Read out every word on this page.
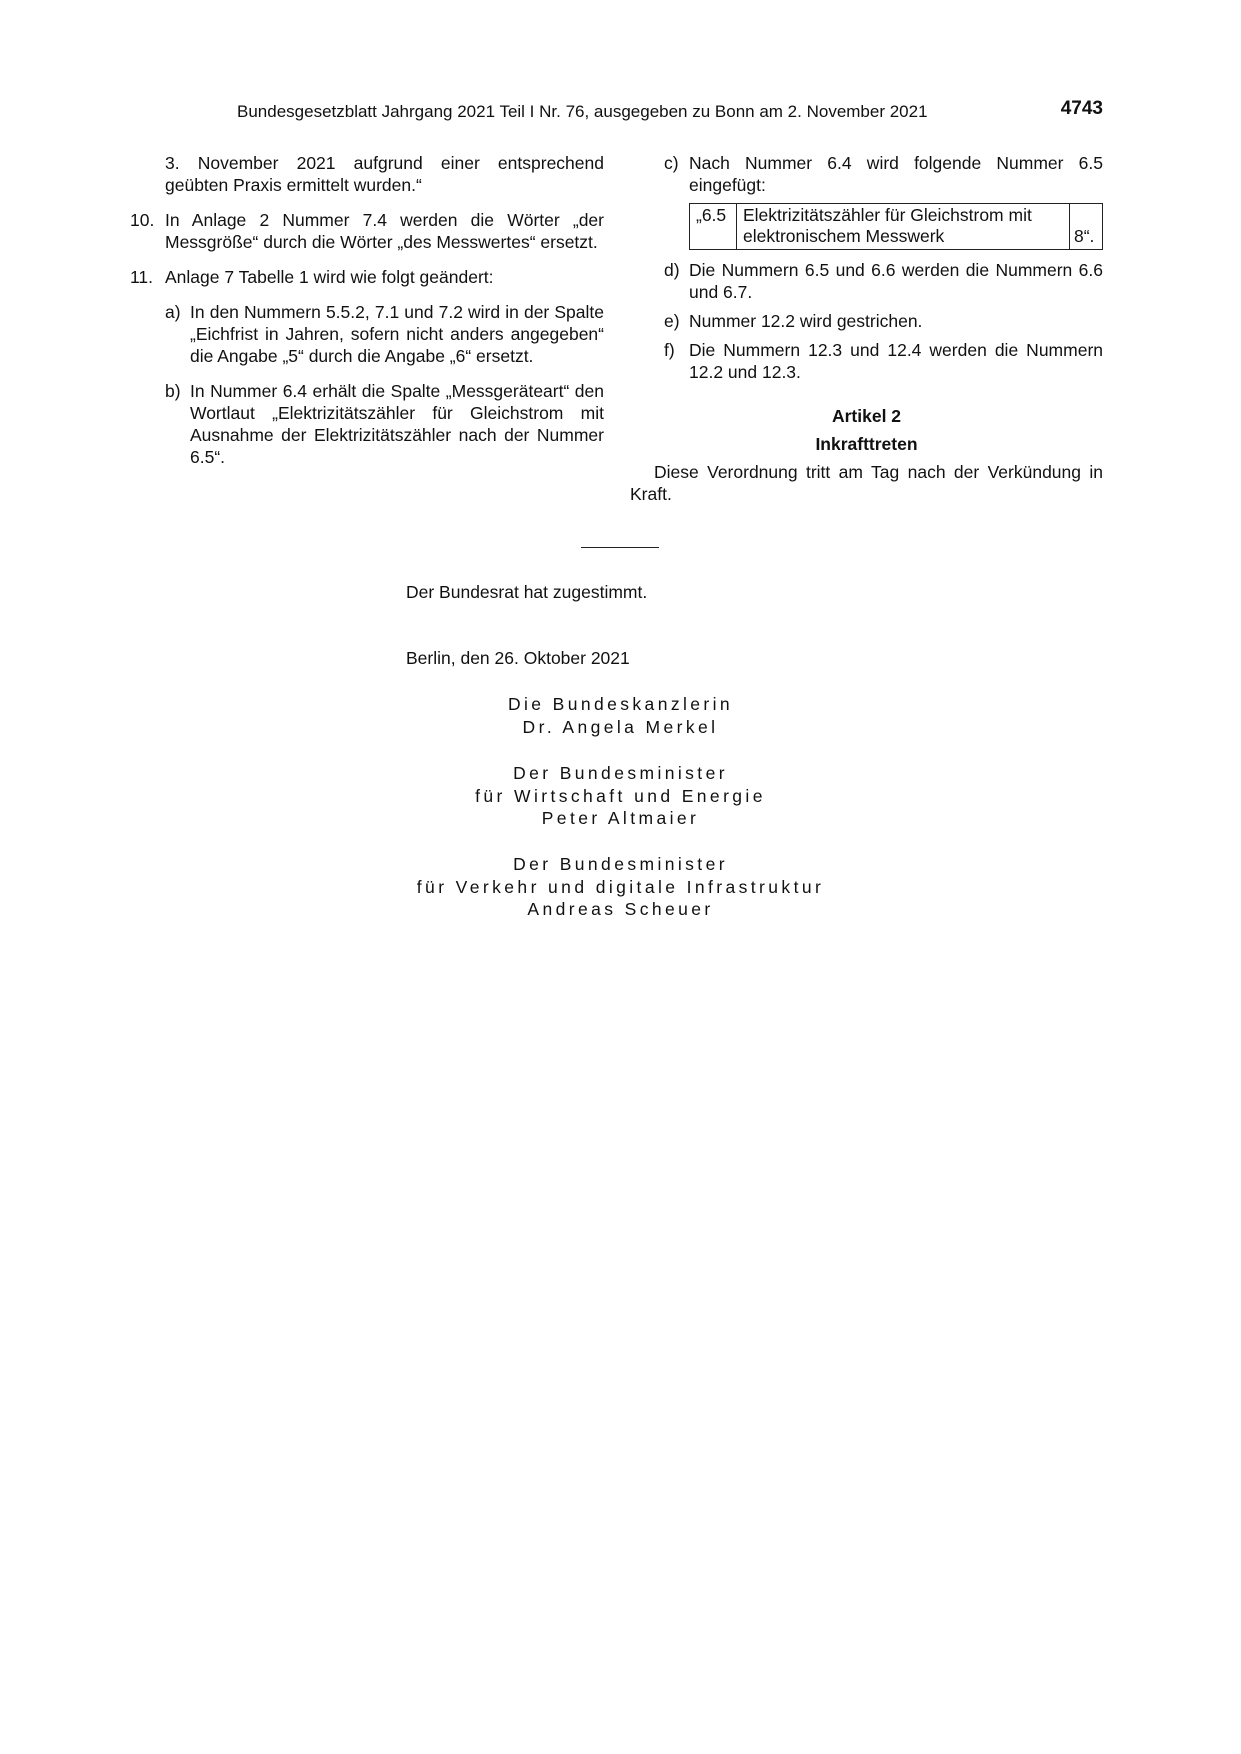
Bundesgesetzblatt Jahrgang 2021 Teil I Nr. 76, ausgegeben zu Bonn am 2. November 2021	4743

3. November 2021 aufgrund einer entsprechend geübten Praxis ermittelt wurden.“

10. In Anlage 2 Nummer 7.4 werden die Wörter „der Messgröße“ durch die Wörter „des Messwertes“ ersetzt.
11. Anlage 7 Tabelle 1 wird wie folgt geändert:
a) In den Nummern 5.5.2, 7.1 und 7.2 wird in der Spalte „Eichfrist in Jahren, sofern nicht anders angegeben“ die Angabe „5“ durch die Angabe „6“ ersetzt.
b) In Nummer 6.4 erhält die Spalte „Messgeräteart“ den Wortlaut „Elektrizitätszähler für Gleichstrom mit Ausnahme der Elektrizitätszähler nach der Nummer 6.5“.
c) Nach Nummer 6.4 wird folgende Nummer 6.5 eingefügt:
„6.5	Elektrizitätszähler für Gleichstrom mit elektronischem Messwerk	8“.
d) Die Nummern 6.5 und 6.6 werden die Nummern 6.6 und 6.7.
e) Nummer 12.2 wird gestrichen.
f) Die Nummern 12.3 und 12.4 werden die Nummern 12.2 und 12.3.

Artikel 2

Inkrafttreten

Diese Verordnung tritt am Tag nach der Verkündung in Kraft.

Der Bundesrat hat zugestimmt.
Berlin, den 26. Oktober 2021
Die Bundeskanzlerin
Dr. Angela Merkel
Der Bundesminister
für Wirtschaft und Energie
Peter Altmaier
Der Bundesminister
für Verkehr und digitale Infrastruktur
Andreas Scheuer
